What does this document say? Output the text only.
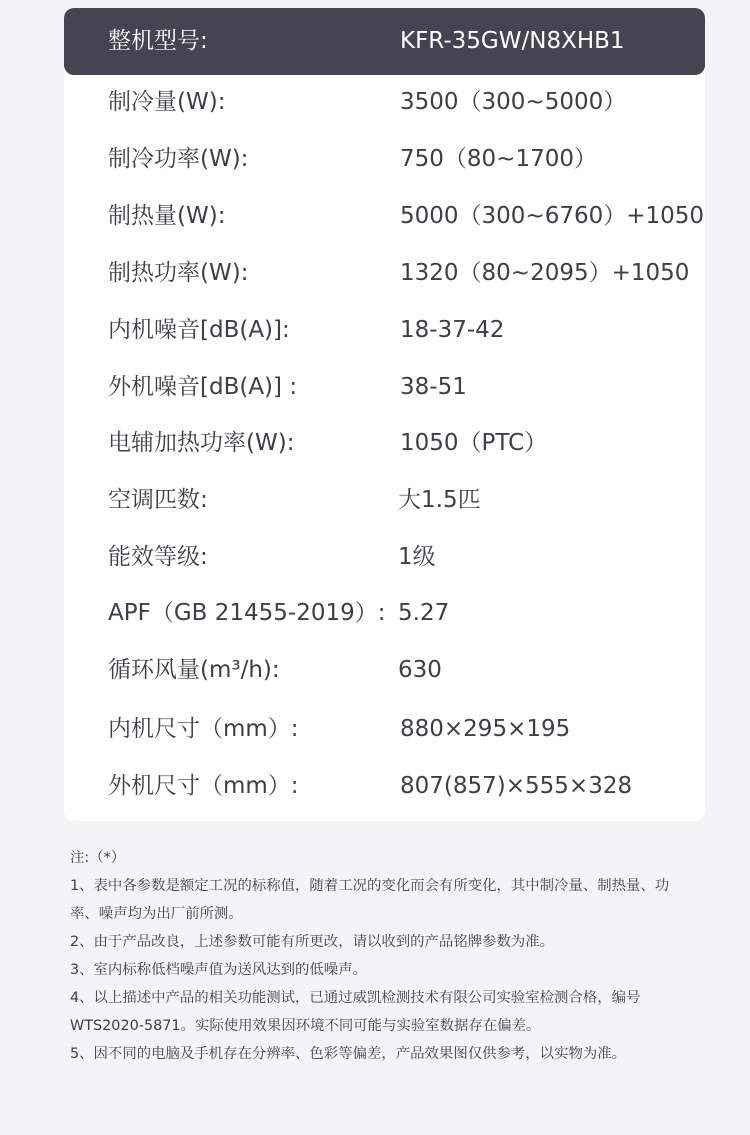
整机型号:	KFR-35GW/N8XHB1
制冷量(W):	3500（300~5000）
制冷功率(W):	750（80~1700）
制热量(W):	5000（300~6760）+1050
制热功率(W):	1320（80~2095）+1050
内机噪音[dB(A)]:	18-37-42
外机噪音[dB(A)] :	38-51
电辅加热功率(W):	1050（PTC）
空调匹数:	大1.5匹
能效等级:	1级
APF（GB 21455-2019）: 5.27
循环风量(m³/h):	630
内机尺寸（mm）:	880×295×195
外机尺寸（mm）:	807(857)×555×328
注:（*）
1、表中各参数是额定工况的标称值，随着工况的变化而会有所变化，其中制冷量、制热量、功
率、噪声均为出厂前所测。
2、由于产品改良，上述参数可能有所更改，请以收到的产品铭牌参数为准。
3、室内标称低档噪声值为送风达到的低噪声。
4、以上描述中产品的相关功能测试，已通过威凯检测技术有限公司实验室检测合格，编号
WTS2020-5871。实际使用效果因环境不同可能与实验室数据存在偏差。
5、因不同的电脑及手机存在分辨率、色彩等偏差，产品效果图仅供参考，以实物为准。
